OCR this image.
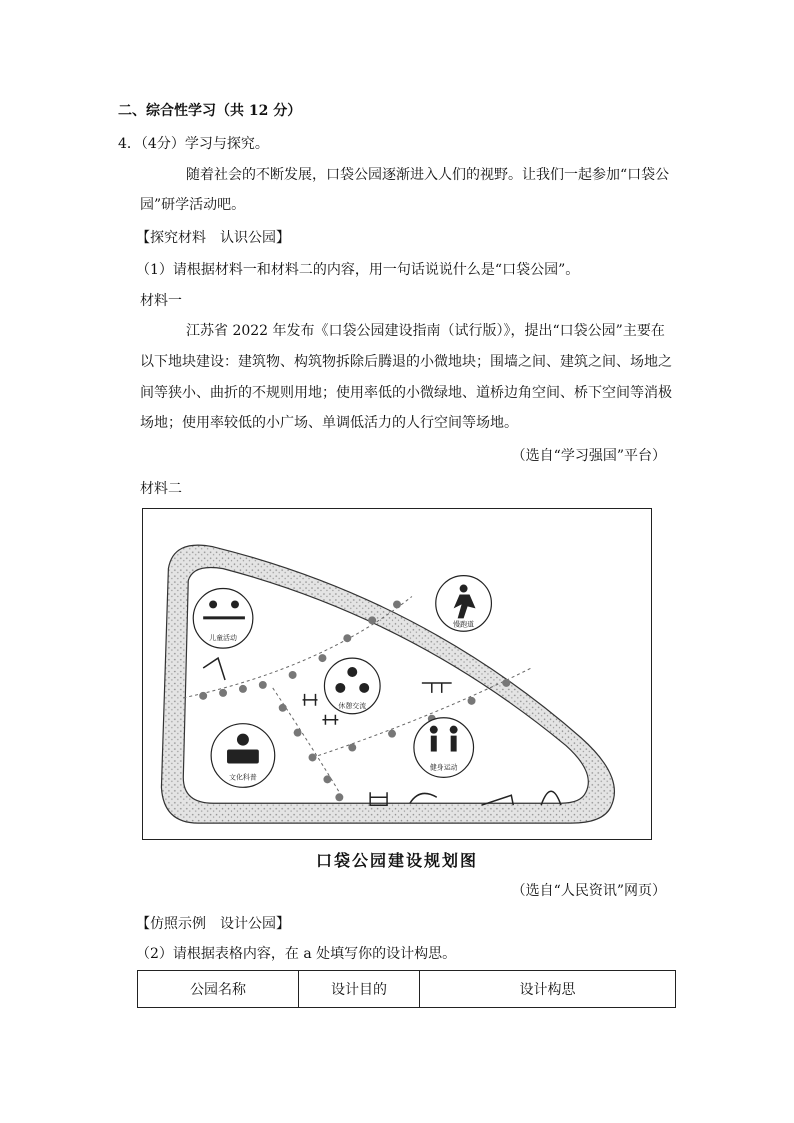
二、综合性学习（共 12 分）
4．（4分）学习与探究。
随着社会的不断发展，口袋公园逐渐进入人们的视野。让我们一起参加“口袋公
园”研学活动吧。
【探究材料　认识公园】
（1）请根据材料一和材料二的内容，用一句话说说什么是“口袋公园”。
材料一
江苏省 2022 年发布《口袋公园建设指南（试行版）》，提出“口袋公园”主要在
以下地块建设：建筑物、构筑物拆除后腾退的小微地块；围墙之间、建筑之间、场地之
间等狭小、曲折的不规则用地；使用率低的小微绿地、道桥边角空间、桥下空间等消极
场地；使用率较低的小广场、单调低活力的人行空间等场地。
（选自“学习强国”平台）
材料二
儿童活动
慢跑道
休憩交流
文化科普
健身运动
口袋公园建设规划图
（选自“人民资讯”网页）
【仿照示例　设计公园】
（2）请根据表格内容，在 a 处填写你的设计构思。
公园名称	设计目的	设计构思
